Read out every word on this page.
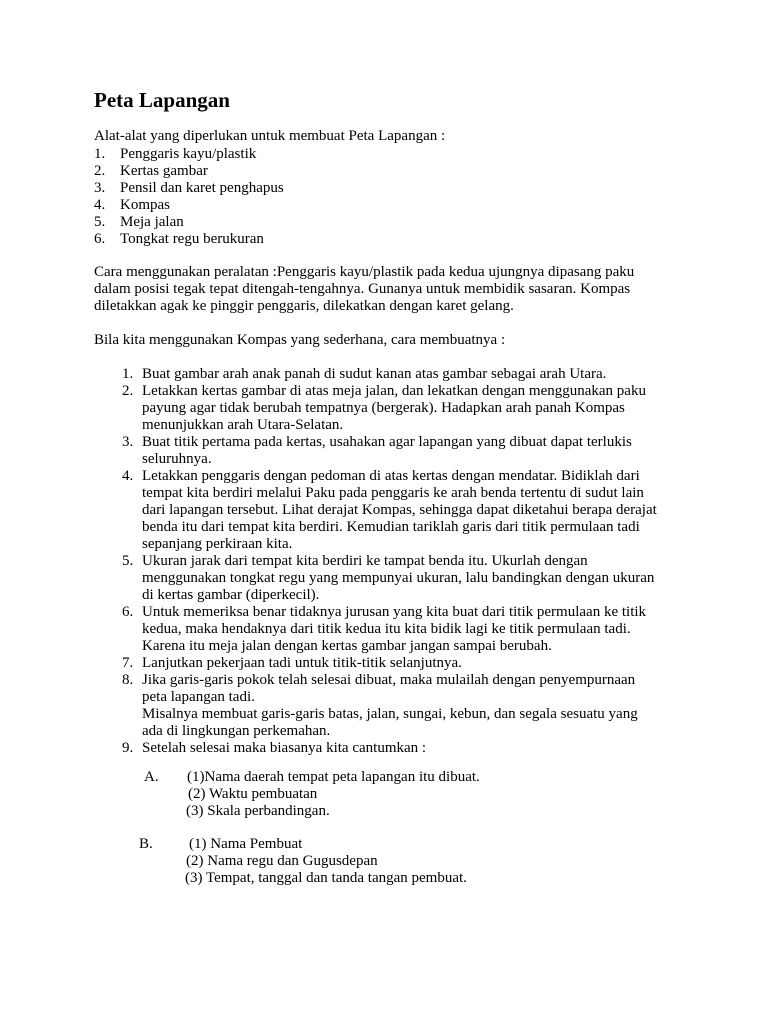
Peta Lapangan
Alat-alat yang diperlukan untuk membuat Peta Lapangan :
1. Penggaris kayu/plastik
2. Kertas gambar
3. Pensil dan karet penghapus
4. Kompas
5. Meja jalan
6. Tongkat regu berukuran

Cara menggunakan peralatan :Penggaris kayu/plastik pada kedua ujungnya dipasang paku dalam posisi tegak tepat ditengah-tengahnya. Gunanya untuk membidik sasaran. Kompas diletakkan agak ke pinggir penggaris, dilekatkan dengan karet gelang.

Bila kita menggunakan Kompas yang sederhana, cara membuatnya :

1. Buat gambar arah anak panah di sudut kanan atas gambar sebagai arah Utara.
2. Letakkan kertas gambar di atas meja jalan, dan lekatkan dengan menggunakan paku
payung agar tidak berubah tempatnya (bergerak). Hadapkan arah panah Kompas
menunjukkan arah Utara-Selatan.
3. Buat titik pertama pada kertas, usahakan agar lapangan yang dibuat dapat terlukis
seluruhnya.
4. Letakkan penggaris dengan pedoman di atas kertas dengan mendatar. Bidiklah dari
tempat kita berdiri melalui Paku pada penggaris ke arah benda tertentu di sudut lain
dari lapangan tersebut. Lihat derajat Kompas, sehingga dapat diketahui berapa derajat
benda itu dari tempat kita berdiri. Kemudian tariklah garis dari titik permulaan tadi
sepanjang perkiraan kita.
5. Ukuran jarak dari tempat kita berdiri ke tampat benda itu. Ukurlah dengan
menggunakan tongkat regu yang mempunyai ukuran, lalu bandingkan dengan ukuran
di kertas gambar (diperkecil).
6. Untuk memeriksa benar tidaknya jurusan yang kita buat dari titik permulaan ke titik
kedua, maka hendaknya dari titik kedua itu kita bidik lagi ke titik permulaan tadi.
Karena itu meja jalan dengan kertas gambar jangan sampai berubah.
7. Lanjutkan pekerjaan tadi untuk titik-titik selanjutnya.
8. Jika garis-garis pokok telah selesai dibuat, maka mulailah dengan penyempurnaan
peta lapangan tadi.
Misalnya membuat garis-garis batas, jalan, sungai, kebun, dan segala sesuatu yang
ada di lingkungan perkemahan.
9. Setelah selesai maka biasanya kita cantumkan :
A. (1)Nama daerah tempat peta lapangan itu dibuat.
(2) Waktu pembuatan
(3) Skala perbandingan.
B. (1) Nama Pembuat
(2) Nama regu dan Gugusdepan
(3) Tempat, tanggal dan tanda tangan pembuat.
